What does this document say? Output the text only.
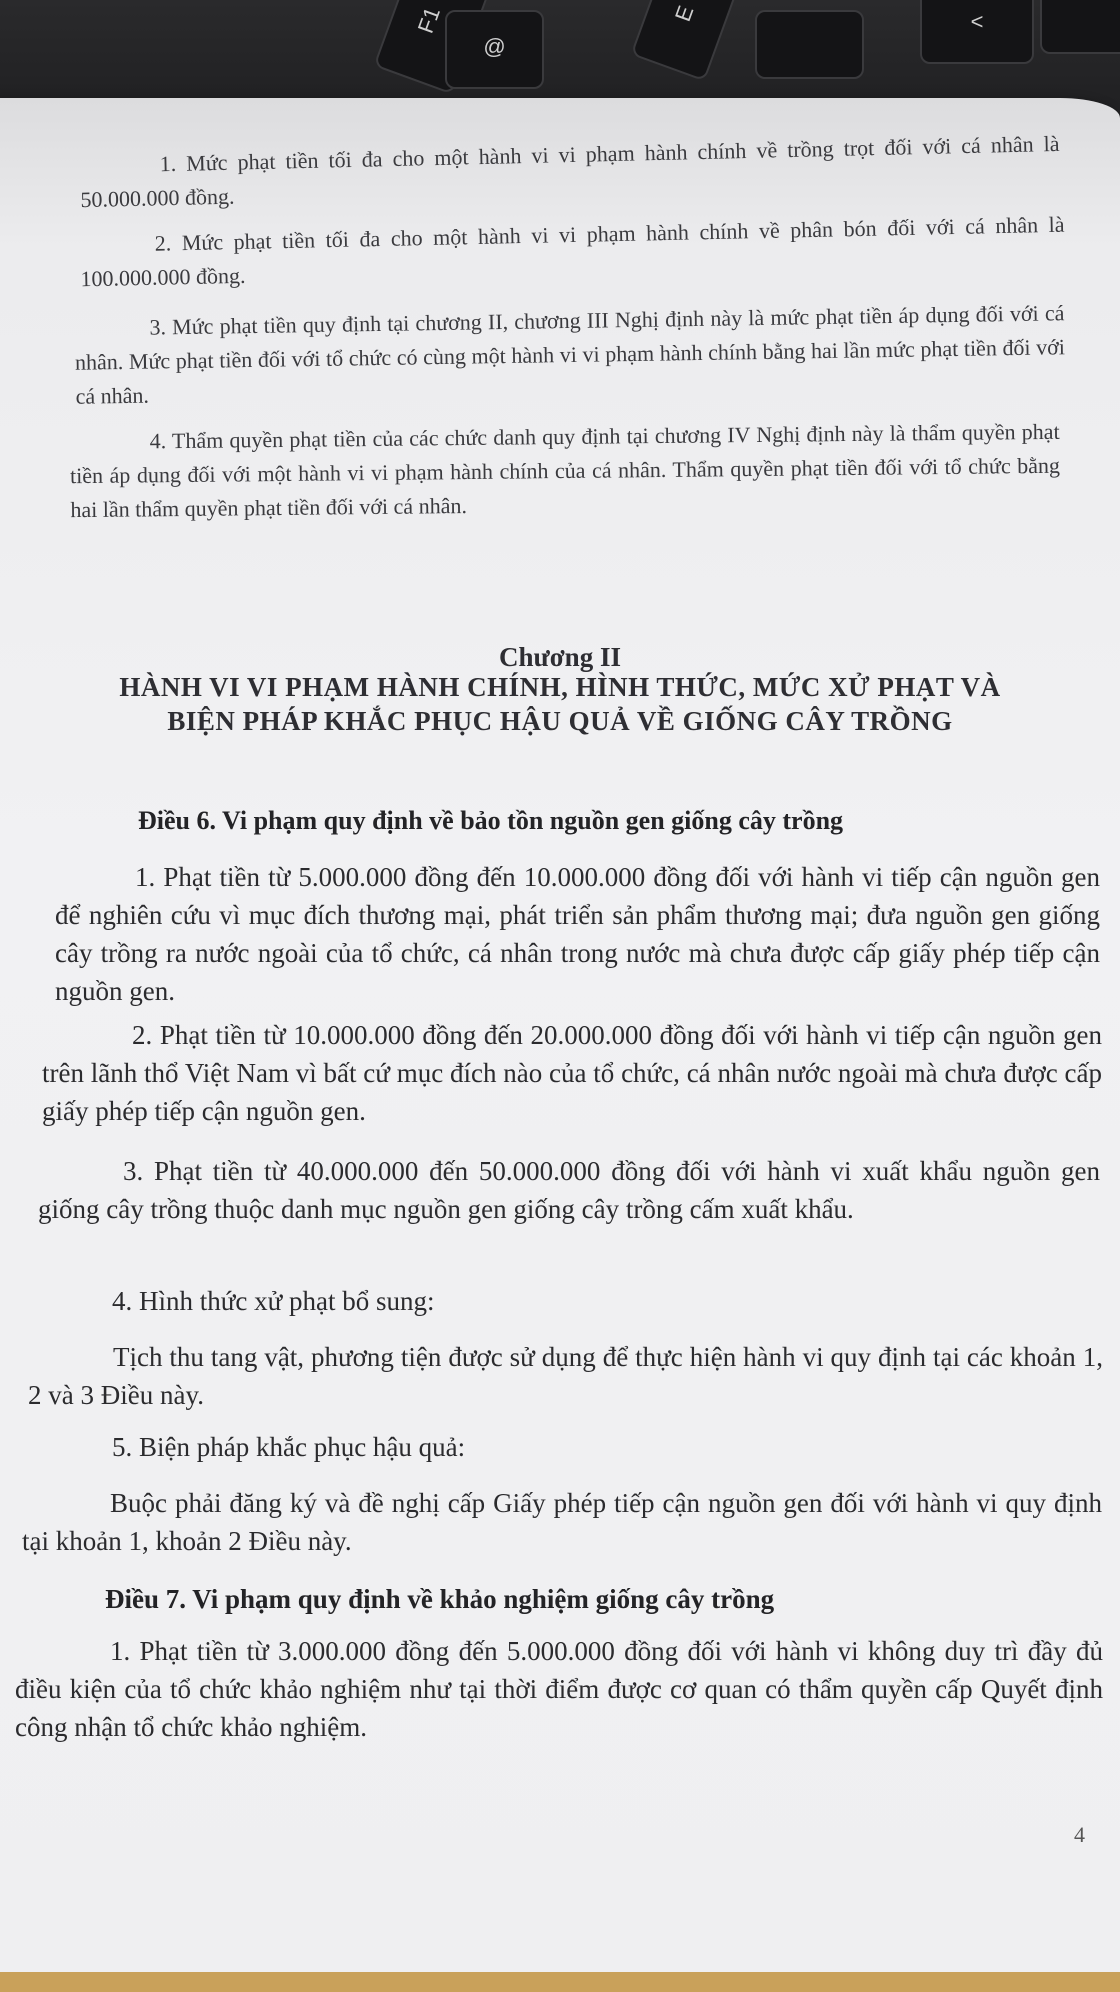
F1
@
E	<
1. Mức phạt tiền tối đa cho một hành vi vi phạm hành chính về trồng trọt đối với cá nhân là 50.000.000 đồng.
2. Mức phạt tiền tối đa cho một hành vi vi phạm hành chính về phân bón đối với cá nhân là 100.000.000 đồng.
3. Mức phạt tiền quy định tại chương II, chương III Nghị định này là mức phạt tiền áp dụng đối với cá nhân. Mức phạt tiền đối với tổ chức có cùng một hành vi vi phạm hành chính bằng hai lần mức phạt tiền đối với cá nhân.
4. Thẩm quyền phạt tiền của các chức danh quy định tại chương IV Nghị định này là thẩm quyền phạt tiền áp dụng đối với một hành vi vi phạm hành chính của cá nhân. Thẩm quyền phạt tiền đối với tổ chức bằng hai lần thẩm quyền phạt tiền đối với cá nhân.
Chương II
HÀNH VI VI PHẠM HÀNH CHÍNH, HÌNH THỨC, MỨC XỬ PHẠT VÀ
BIỆN PHÁP KHẮC PHỤC HẬU QUẢ VỀ GIỐNG CÂY TRỒNG
Điều 6. Vi phạm quy định về bảo tồn nguồn gen giống cây trồng
1. Phạt tiền từ 5.000.000 đồng đến 10.000.000 đồng đối với hành vi tiếp cận nguồn gen để nghiên cứu vì mục đích thương mại, phát triển sản phẩm thương mại; đưa nguồn gen giống cây trồng ra nước ngoài của tổ chức, cá nhân trong nước mà chưa được cấp giấy phép tiếp cận nguồn gen.
2. Phạt tiền từ 10.000.000 đồng đến 20.000.000 đồng đối với hành vi tiếp cận nguồn gen trên lãnh thổ Việt Nam vì bất cứ mục đích nào của tổ chức, cá nhân nước ngoài mà chưa được cấp giấy phép tiếp cận nguồn gen.
3. Phạt tiền từ 40.000.000 đến 50.000.000 đồng đối với hành vi xuất khẩu nguồn gen giống cây trồng thuộc danh mục nguồn gen giống cây trồng cấm xuất khẩu.
4. Hình thức xử phạt bổ sung:
Tịch thu tang vật, phương tiện được sử dụng để thực hiện hành vi quy định tại các khoản 1, 2 và 3 Điều này.
5. Biện pháp khắc phục hậu quả:
Buộc phải đăng ký và đề nghị cấp Giấy phép tiếp cận nguồn gen đối với hành vi quy định tại khoản 1, khoản 2 Điều này.
Điều 7. Vi phạm quy định về khảo nghiệm giống cây trồng
1. Phạt tiền từ 3.000.000 đồng đến 5.000.000 đồng đối với hành vi không duy trì đầy đủ điều kiện của tổ chức khảo nghiệm như tại thời điểm được cơ quan có thẩm quyền cấp Quyết định công nhận tổ chức khảo nghiệm.
4
